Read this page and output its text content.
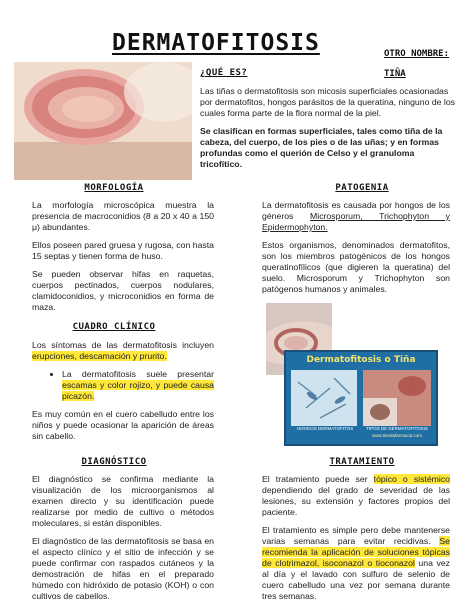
DERMATOFITOSIS	OTRO NOMBRE:
TIÑA
¿QUÉ ES?

Las tiñas o dermatofitosis son micosis superficiales ocasionadas por dermatofitos, hongos parásitos de la queratina, ninguno de los cuales forma parte de la flora normal de la piel.

Se clasifican en formas superficiales, tales como tiña de la cabeza, del cuerpo, de los pies o de las uñas; y en formas profundas como el querión de Celso y el granuloma tricofítico.

MORFOLOGÍA

La morfología microscópica muestra la presencia de macroconidios (8 a 20 x 40 a 150 μ) abundantes.

Ellos poseen pared gruesa y rugosa, con hasta 15 septas y tienen forma de huso.

Se pueden observar hifas en raquetas, cuerpos pectinados, cuerpos nodulares, clamidoconidios, y microconidios en forma de maza.

PATOGENIA

La dermatofitosis es causada por hongos de los géneros Microsporum, Trichophyton y Epidermophyton.

Estos organismos, denominados dermatofitos, son los miembros patogénicos de los hongos queratinofílicos (que digieren la queratina) del suelo. Microsporum y Trichophyton son patógenos humanos y animales.

Dermatofitosis o Tiña
HONGOS DERMATOFITOS	TIPOS DE DERMATOFITOSIS
www.tiendafarmacia.com
CUADRO CLÍNICO

Los síntomas de las dermatofitosis incluyen erupciones, descamación y prurito.

• La dermatofitosis suele presentar escamas y color rojizo, y puede causa picazón.

Es muy común en el cuero cabelludo entre los niños y puede ocasionar la aparición de áreas sin cabello.

DIAGNÓSTICO

El diagnóstico se confirma mediante la visualización de los microorganismos al examen directo y su identificación puede realizarse por medio de cultivo o métodos moleculares, si están disponibles.

El diagnóstico de las dermatofitosis se basa en el aspecto clínico y el sitio de infección y se puede confirmar con raspados cutáneos y la demostración de hifas en el preparado húmedo con hidróxido de potasio (KOH) o con cultivos de cabellos.

TRATAMIENTO

El tratamiento puede ser tópico o sistémico dependiendo del grado de severidad de las lesiones, su extensión y factores propios del paciente.

El tratamiento es simple pero debe mantenerse varias semanas para evitar recidivas. Se recomienda la aplicación de soluciones tópicas de clotrimazol, isoconazol o tioconazol una vez al día y el lavado con sulfuro de selenio de cuero cabelludo una vez por semana durante tres semanas.
